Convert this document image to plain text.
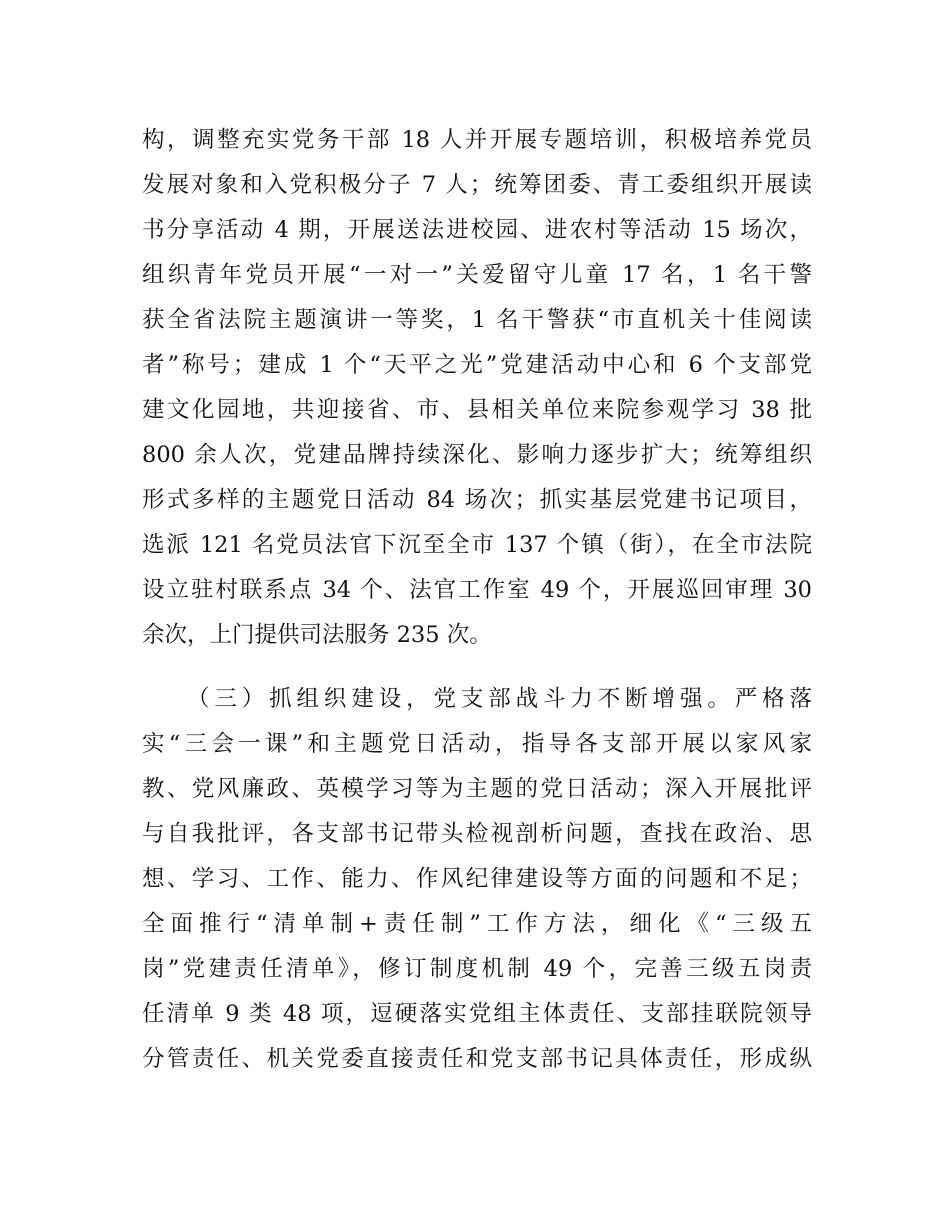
构，调整充实党务干部 18 人并开展专题培训，积极培养党员
发展对象和入党积极分子 7 人；统筹团委、青工委组织开展读
书分享活动 4 期，开展送法进校园、进农村等活动 15 场次，
组织青年党员开展“一对一”关爱留守儿童 17 名，1 名干警
获全省法院主题演讲一等奖，1 名干警获“市直机关十佳阅读
者”称号；建成 1 个“天平之光”党建活动中心和 6 个支部党
建文化园地，共迎接省、市、县相关单位来院参观学习 38 批
800 余人次，党建品牌持续深化、影响力逐步扩大；统筹组织
形式多样的主题党日活动 84 场次；抓实基层党建书记项目，
选派 121 名党员法官下沉至全市 137 个镇（街），在全市法院
设立驻村联系点 34 个、法官工作室 49 个，开展巡回审理 30
余次，上门提供司法服务 235 次。
（三）抓组织建设，党支部战斗力不断增强。严格落
实“三会一课”和主题党日活动，指导各支部开展以家风家
教、党风廉政、英模学习等为主题的党日活动；深入开展批评
与自我批评，各支部书记带头检视剖析问题，查找在政治、思
想、学习、工作、能力、作风纪律建设等方面的问题和不足；
全面推行“清单制+责任制”工作方法，细化《“三级五
岗”党建责任清单》，修订制度机制 49 个，完善三级五岗责
任清单 9 类 48 项，逗硬落实党组主体责任、支部挂联院领导
分管责任、机关党委直接责任和党支部书记具体责任，形成纵
